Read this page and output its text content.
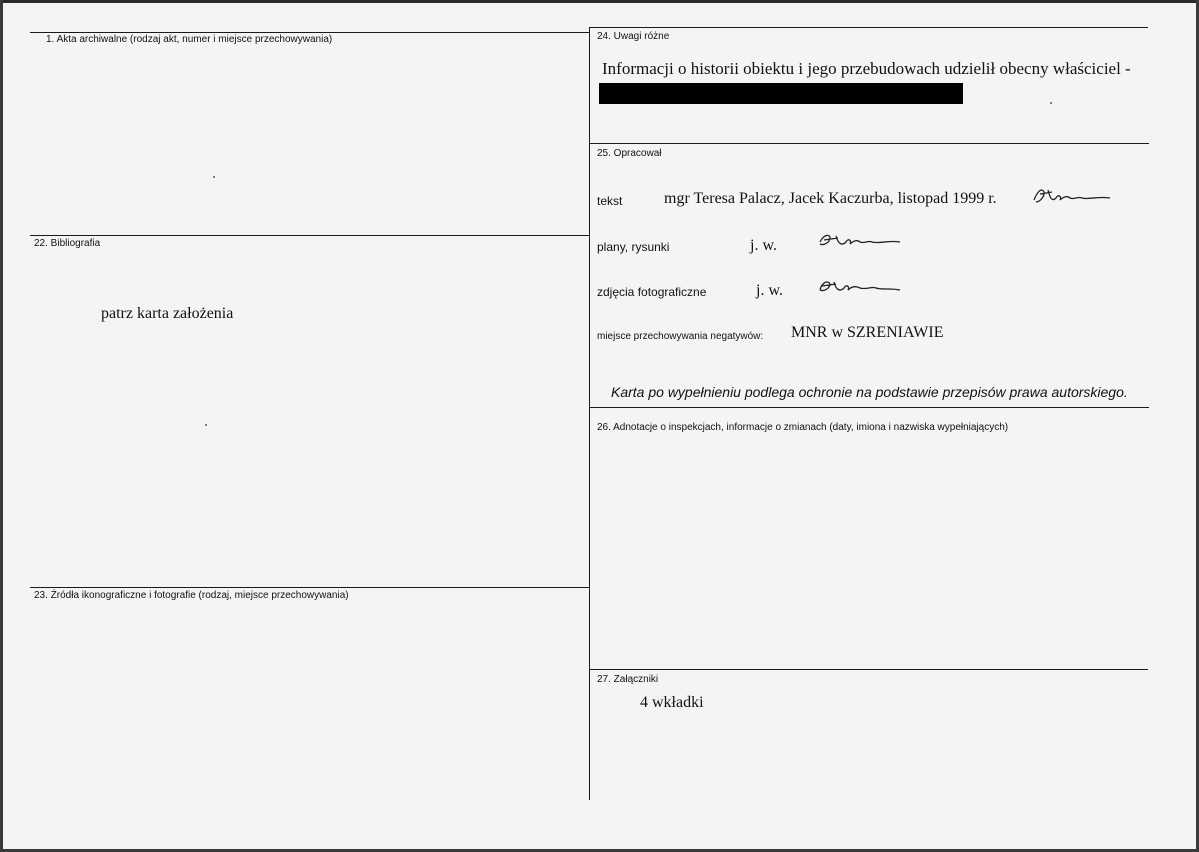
1. Akta archiwalne (rodzaj akt, numer i miejsce przechowywania)
22. Bibliografia
patrz karta założenia
23. Źródła ikonograficzne i fotografie (rodzaj, miejsce przechowywania)
24. Uwagi różne
Informacji o historii obiektu i jego przebudowach udzielił obecny właściciel -
25. Opracował
tekst	mgr Teresa Palacz, Jacek Kaczurba, listopad 1999 r.
plany, rysunki	j. w.
zdjęcia fotograficzne	j. w.
miejsce przechowywania negatywów: MNR w SZRENIAWIE
Karta po wypełnieniu podlega ochronie na podstawie przepisów prawa autorskiego.
26. Adnotacje o inspekcjach, informacje o zmianach (daty, imiona i nazwiska wypełniających)
27. Załączniki
4 wkładki
